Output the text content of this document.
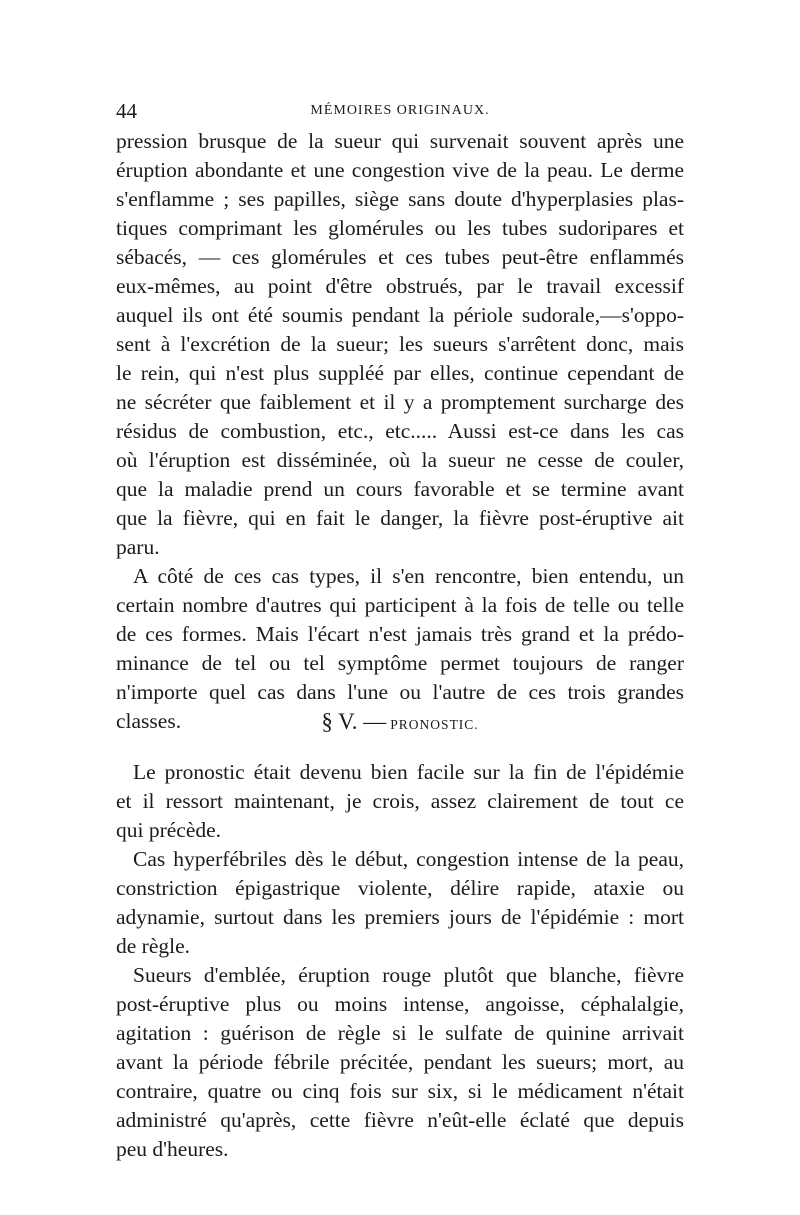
44	MÉMOIRES ORIGINAUX.
pression brusque de la sueur qui survenait souvent après une
éruption abondante et une congestion vive de la peau. Le derme
s'enflamme ; ses papilles, siège sans doute d'hyperplasies plas-
tiques comprimant les glomérules ou les tubes sudoripares et
sébacés, — ces glomérules et ces tubes peut-être enflammés
eux-mêmes, au point d'être obstrués, par le travail excessif
auquel ils ont été soumis pendant la périole sudorale,—s'oppo-
sent à l'excrétion de la sueur; les sueurs s'arrêtent donc, mais
le rein, qui n'est plus suppléé par elles, continue cependant de
ne sécréter que faiblement et il y a promptement surcharge des
résidus de combustion, etc., etc..... Aussi est-ce dans les cas
où l'éruption est disséminée, où la sueur ne cesse de couler,
que la maladie prend un cours favorable et se termine avant
que la fièvre, qui en fait le danger, la fièvre post-éruptive ait
paru.
A côté de ces cas types, il s'en rencontre, bien entendu, un
certain nombre d'autres qui participent à la fois de telle ou telle
de ces formes. Mais l'écart n'est jamais très grand et la prédo-
minance de tel ou tel symptôme permet toujours de ranger
n'importe quel cas dans l'une ou l'autre de ces trois grandes
classes.	§ V. — PRONOSTIC.
Le pronostic était devenu bien facile sur la fin de l'épidémie
et il ressort maintenant, je crois, assez clairement de tout ce
qui précède.
Cas hyperfébriles dès le début, congestion intense de la peau,
constriction épigastrique violente, délire rapide, ataxie ou
adynamie, surtout dans les premiers jours de l'épidémie : mort
de règle.
Sueurs d'emblée, éruption rouge plutôt que blanche, fièvre
post-éruptive plus ou moins intense, angoisse, céphalalgie,
agitation : guérison de règle si le sulfate de quinine arrivait
avant la période fébrile précitée, pendant les sueurs; mort, au
contraire, quatre ou cinq fois sur six, si le médicament n'était
administré qu'après, cette fièvre n'eût-elle éclaté que depuis
peu d'heures.
